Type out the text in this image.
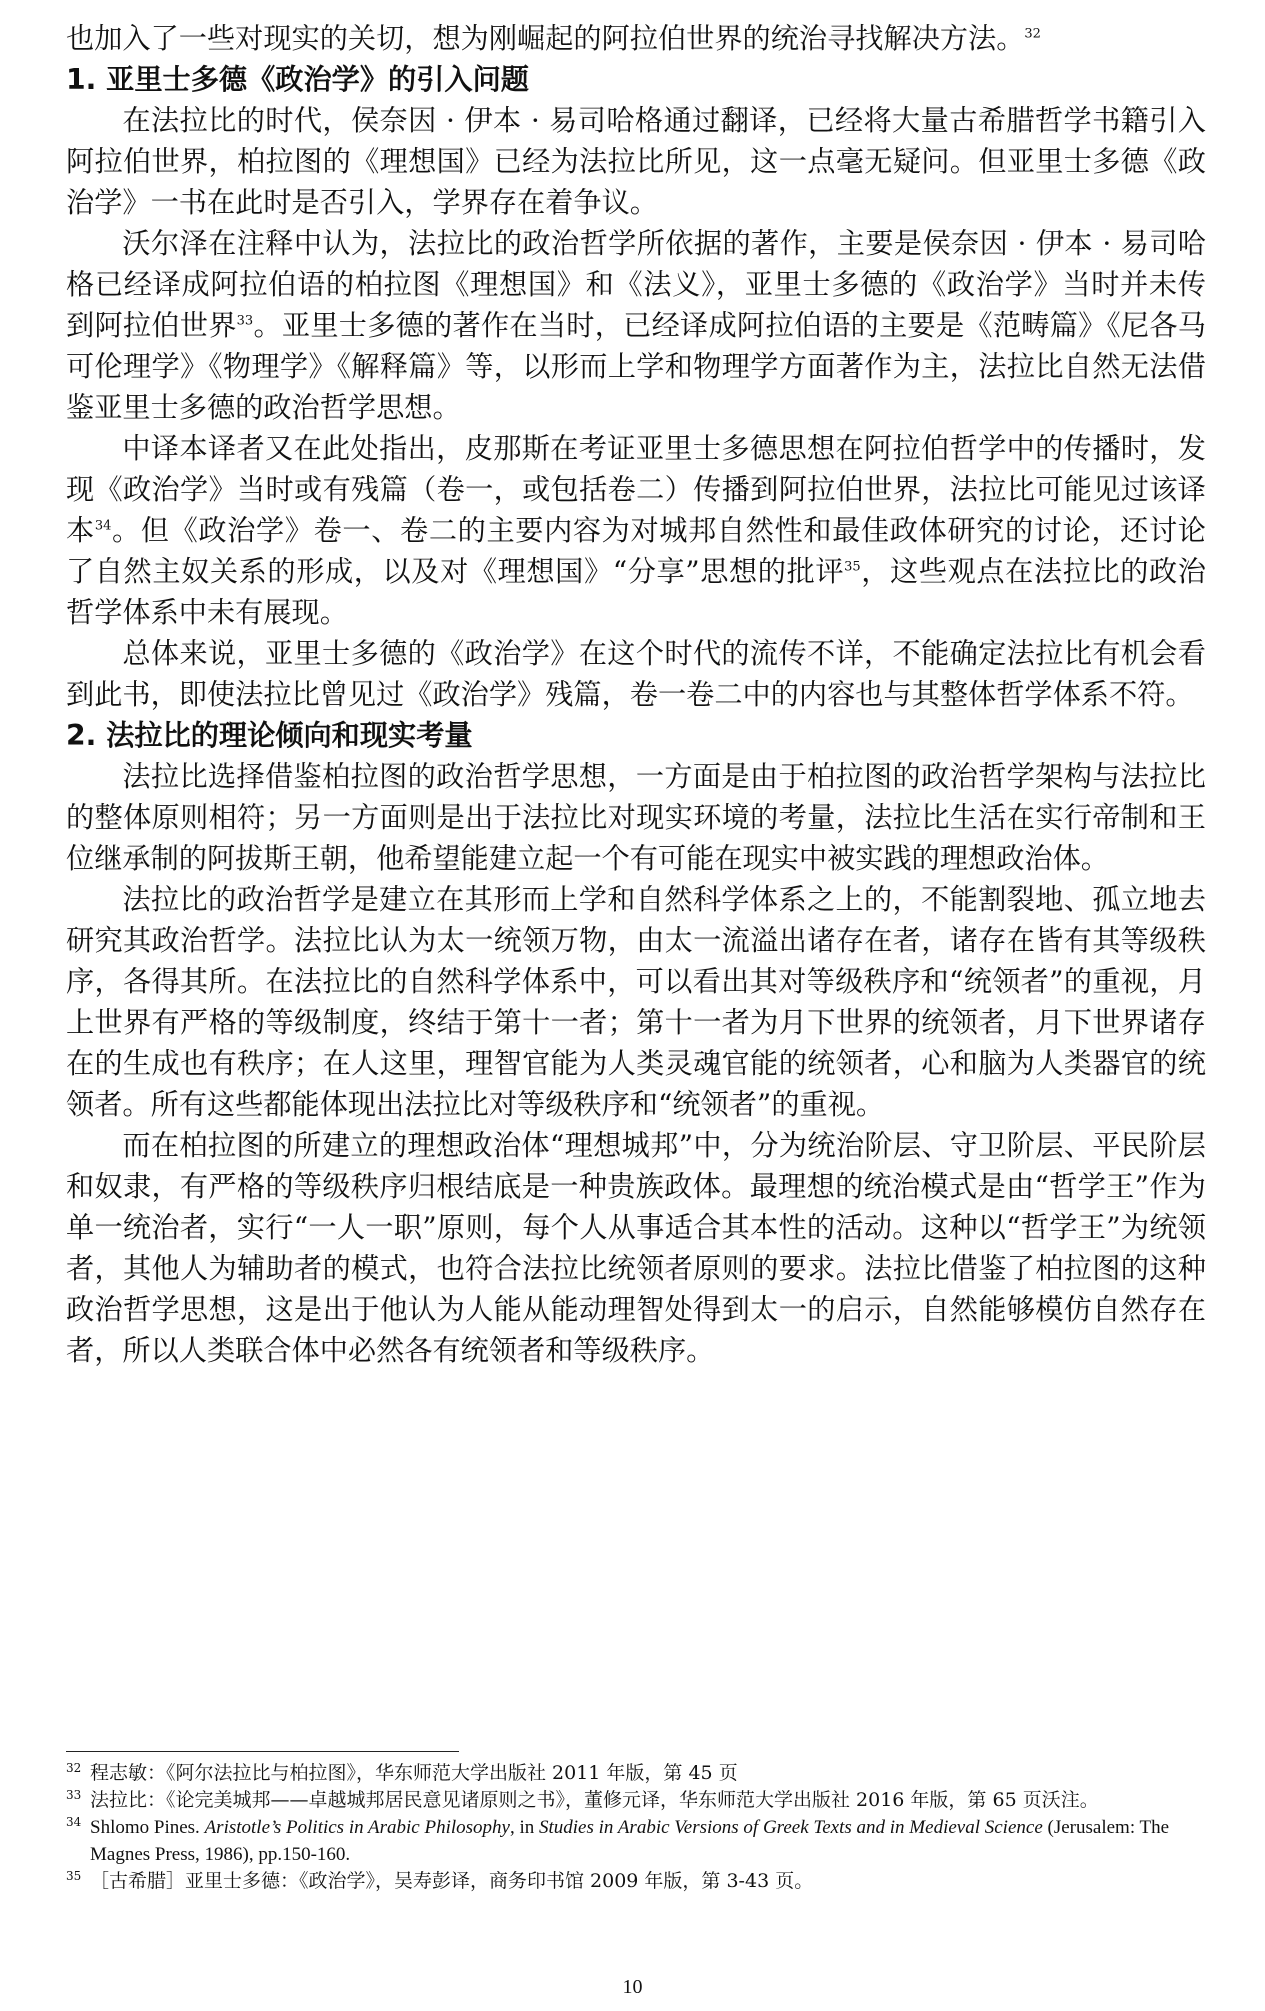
也加入了一些对现实的关切，想为刚崛起的阿拉伯世界的统治寻找解决方法。$^{32}$

1. 亚里士多德《政治学》的引入问题

在法拉比的时代，侯奈因 · 伊本 · 易司哈格通过翻译，已经将大量古希腊哲学书籍引入阿拉伯世界，柏拉图的《理想国》已经为法拉比所见，这一点毫无疑问。但亚里士多德《政治学》一书在此时是否引入，学界存在着争议。

沃尔泽在注释中认为，法拉比的政治哲学所依据的著作，主要是侯奈因 · 伊本 · 易司哈格已经译成阿拉伯语的柏拉图《理想国》和《法义》，亚里士多德的《政治学》当时并未传到阿拉伯世界$^{33}$。亚里士多德的著作在当时，已经译成阿拉伯语的主要是《范畴篇》《尼各马可伦理学》《物理学》《解释篇》等，以形而上学和物理学方面著作为主，法拉比自然无法借鉴亚里士多德的政治哲学思想。

中译本译者又在此处指出，皮那斯在考证亚里士多德思想在阿拉伯哲学中的传播时，发现《政治学》当时或有残篇（卷一，或包括卷二）传播到阿拉伯世界，法拉比可能见过该译本$^{34}$。但《政治学》卷一、卷二的主要内容为对城邦自然性和最佳政体研究的讨论，还讨论了自然主奴关系的形成，以及对《理想国》“分享”思想的批评$^{35}$，这些观点在法拉比的政治哲学体系中未有展现。

总体来说，亚里士多德的《政治学》在这个时代的流传不详，不能确定法拉比有机会看到此书，即使法拉比曾见过《政治学》残篇，卷一卷二中的内容也与其整体哲学体系不符。

2. 法拉比的理论倾向和现实考量

法拉比选择借鉴柏拉图的政治哲学思想，一方面是由于柏拉图的政治哲学架构与法拉比的整体原则相符；另一方面则是出于法拉比对现实环境的考量，法拉比生活在实行帝制和王位继承制的阿拔斯王朝，他希望能建立起一个有可能在现实中被实践的理想政治体。

法拉比的政治哲学是建立在其形而上学和自然科学体系之上的，不能割裂地、孤立地去研究其政治哲学。法拉比认为太一统领万物，由太一流溢出诸存在者，诸存在皆有其等级秩序，各得其所。在法拉比的自然科学体系中，可以看出其对等级秩序和“统领者”的重视，月上世界有严格的等级制度，终结于第十一者；第十一者为月下世界的统领者，月下世界诸存在的生成也有秩序；在人这里，理智官能为人类灵魂官能的统领者，心和脑为人类器官的统领者。所有这些都能体现出法拉比对等级秩序和“统领者”的重视。

而在柏拉图的所建立的理想政治体“理想城邦”中，分为统治阶层、守卫阶层、平民阶层和奴隶，有严格的等级秩序归根结底是一种贵族政体。最理想的统治模式是由“哲学王”作为单一统治者，实行“一人一职”原则，每个人从事适合其本性的活动。这种以“哲学王”为统领者，其他人为辅助者的模式，也符合法拉比统领者原则的要求。法拉比借鉴了柏拉图的这种政治哲学思想，这是出于他认为人能从能动理智处得到太一的启示，自然能够模仿自然存在者，所以人类联合体中必然各有统领者和等级秩序。

32 程志敏：《阿尔法拉比与柏拉图》，华东师范大学出版社 2011 年版，第 45 页

33 法拉比：《论完美城邦——卓越城邦居民意见诸原则之书》，董修元译，华东师范大学出版社 2016 年版，第 65 页沃注。

34 Shlomo Pines. Aristotle’s Politics in Arabic Philosophy, in Studies in Arabic Versions of Greek Texts and in Medieval Science (Jerusalem: The Magnes Press, 1986), pp.150-160.

35 ［古希腊］亚里士多德：《政治学》，吴寿彭译，商务印书馆 2009 年版，第 3-43 页。

10
